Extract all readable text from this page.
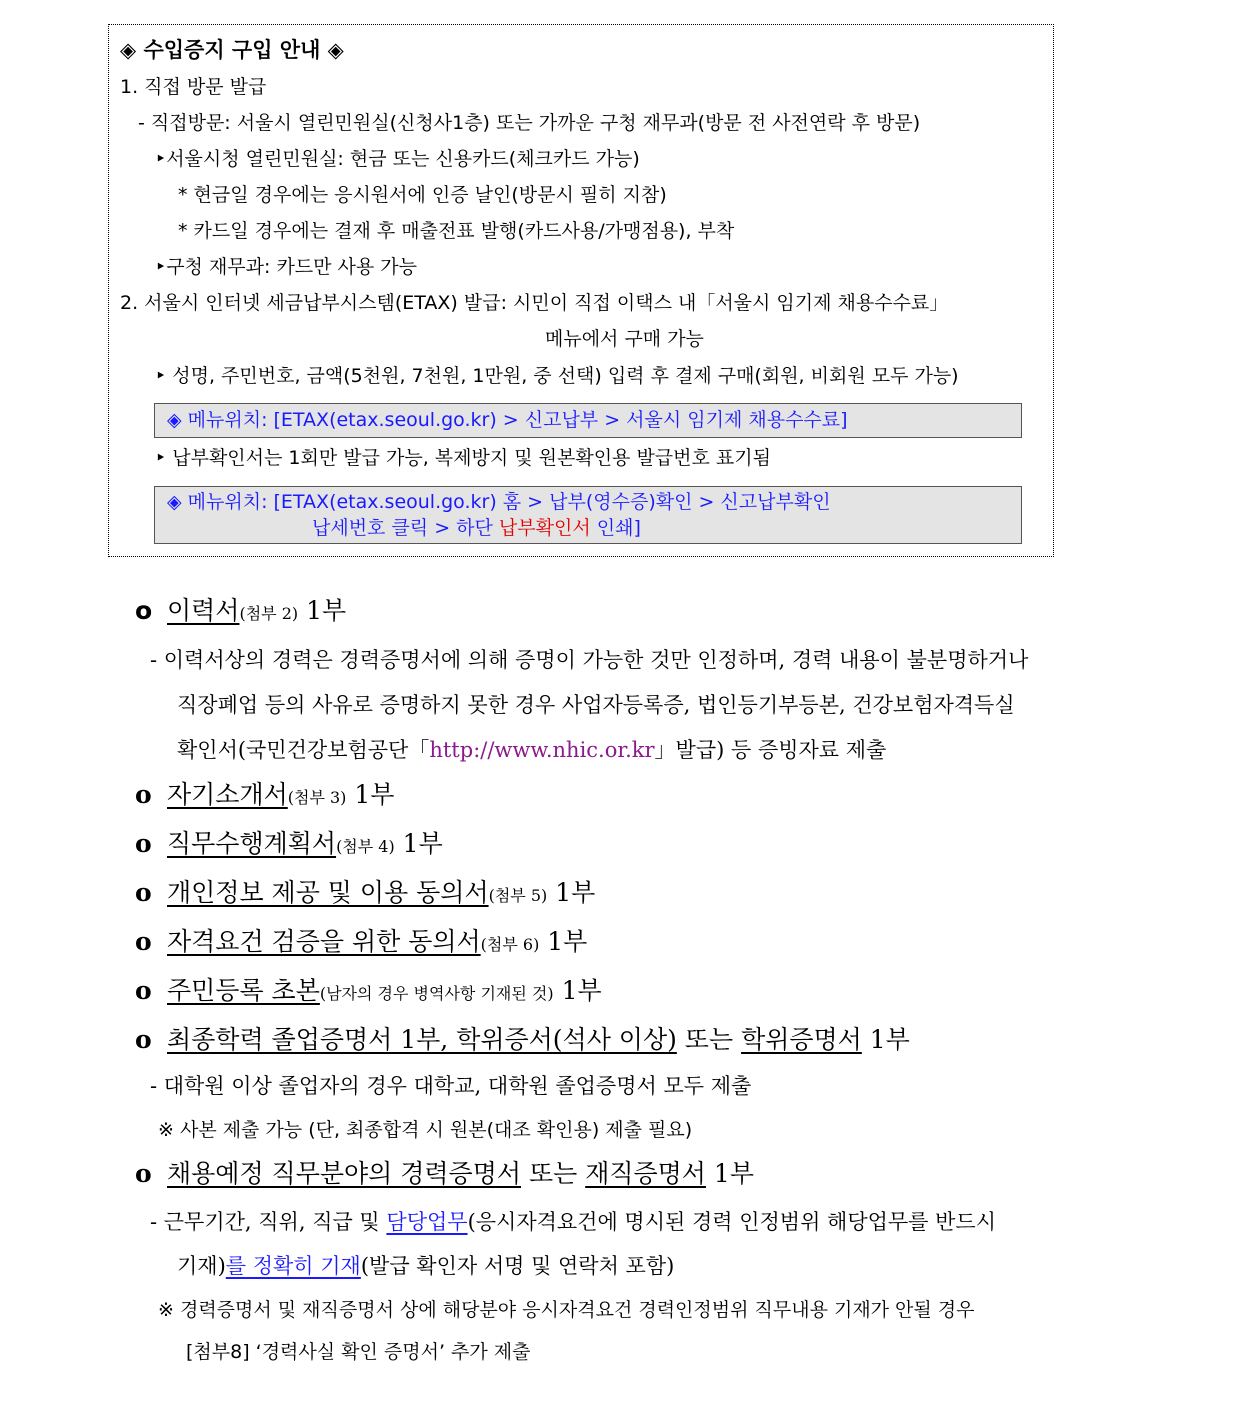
◈ 수입증지 구입 안내 ◈
1. 직접 방문 발급
- 직접방문: 서울시 열린민원실(신청사1층) 또는 가까운 구청 재무과(방문 전 사전연락 후 방문)
‣서울시청 열린민원실: 현금 또는 신용카드(체크카드 가능)
* 현금일 경우에는 응시원서에 인증 날인(방문시 필히 지참)
* 카드일 경우에는 결재 후 매출전표 발행(카드사용/가맹점용), 부착
‣구청 재무과: 카드만 사용 가능
2. 서울시 인터넷 세금납부시스템(ETAX) 발급: 시민이 직접 이택스 내「서울시 임기제 채용수수료」
메뉴에서 구매 가능
‣ 성명, 주민번호, 금액(5천원, 7천원, 1만원, 중 선택) 입력 후 결제 구매(회원, 비회원 모두 가능)
◈ 메뉴위치: [ETAX(etax.seoul.go.kr) > 신고납부 > 서울시 임기제 채용수수료]
‣ 납부확인서는 1회만 발급 가능, 복제방지 및 원본확인용 발급번호 표기됨
◈ 메뉴위치: [ETAX(etax.seoul.go.kr) 홈 > 납부(영수증)확인 > 신고납부확인
납세번호 클릭 > 하단 납부확인서 인쇄]
o 이력서(첨부 2) 1부
- 이력서상의 경력은 경력증명서에 의해 증명이 가능한 것만 인정하며, 경력 내용이 불분명하거나
직장폐업 등의 사유로 증명하지 못한 경우 사업자등록증, 법인등기부등본, 건강보험자격득실
확인서(국민건강보험공단「http://www.nhic.or.kr」발급) 등 증빙자료 제출
o 자기소개서(첨부 3) 1부
o 직무수행계획서(첨부 4) 1부
o 개인정보 제공 및 이용 동의서(첨부 5) 1부
o 자격요건 검증을 위한 동의서(첨부 6) 1부
o 주민등록 초본(남자의 경우 병역사항 기재된 것) 1부
o 최종학력 졸업증명서 1부, 학위증서(석사 이상) 또는 학위증명서 1부
- 대학원 이상 졸업자의 경우 대학교, 대학원 졸업증명서 모두 제출
※ 사본 제출 가능 (단, 최종합격 시 원본(대조 확인용) 제출 필요)
o 채용예정 직무분야의 경력증명서 또는 재직증명서 1부
- 근무기간, 직위, 직급 및 담당업무(응시자격요건에 명시된 경력 인정범위 해당업무를 반드시
기재)를 정확히 기재(발급 확인자 서명 및 연락처 포함)
※ 경력증명서 및 재직증명서 상에 해당분야 응시자격요건 경력인정범위 직무내용 기재가 안될 경우
[첨부8] ‘경력사실 확인 증명서’ 추가 제출
